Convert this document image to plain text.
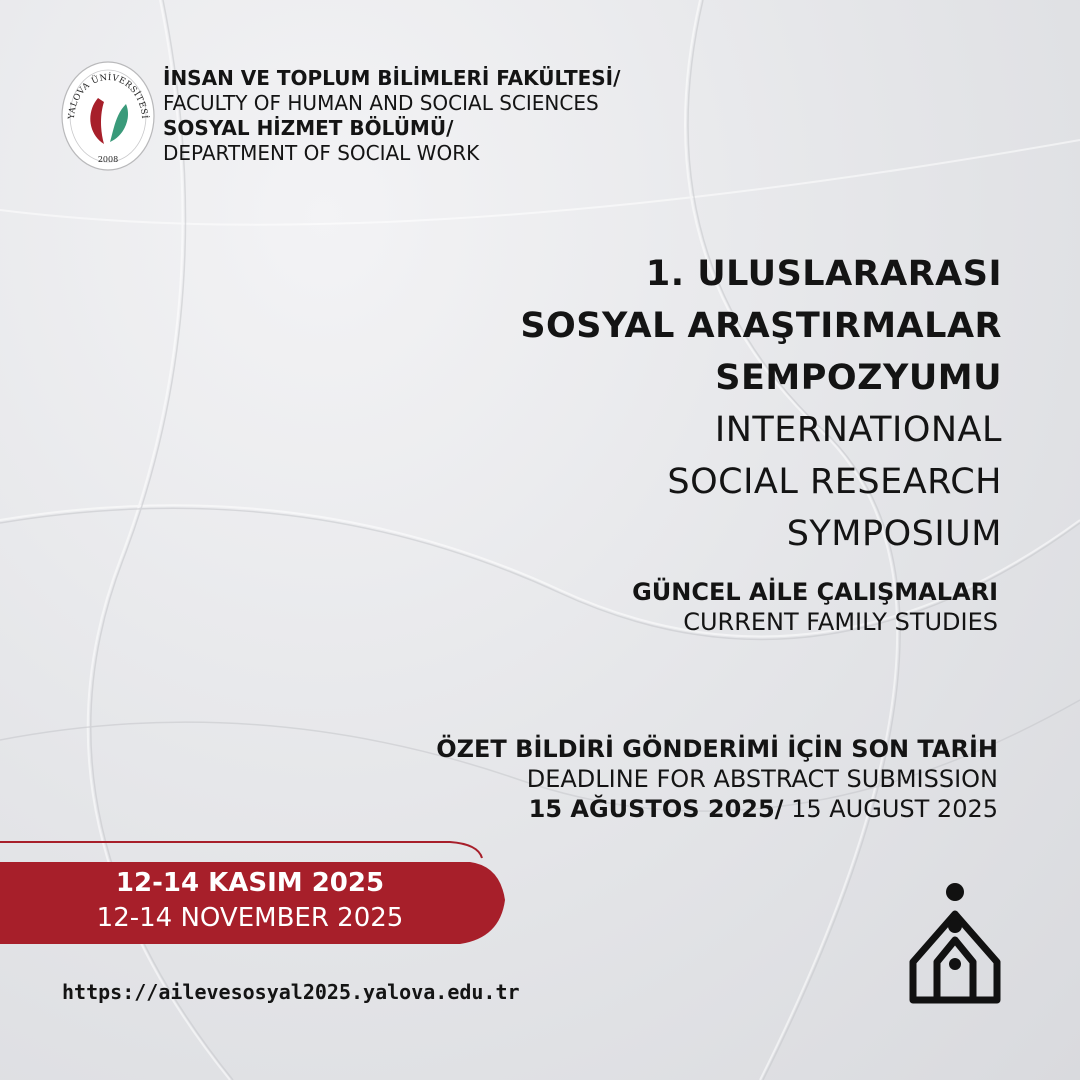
YALOVA ÜNİVERSİTESİ
2008
İNSAN VE TOPLUM BİLİMLERİ FAKÜLTESİ/
FACULTY OF HUMAN AND SOCIAL SCIENCES
SOSYAL HİZMET BÖLÜMÜ/
DEPARTMENT OF SOCIAL WORK
1. ULUSLARARASI
SOSYAL ARAŞTIRMALAR
SEMPOZYUMU
INTERNATIONAL
SOCIAL RESEARCH
SYMPOSIUM
GÜNCEL AİLE ÇALIŞMALARI
CURRENT FAMILY STUDIES
ÖZET BİLDİRİ GÖNDERİMİ İÇİN SON TARİH
DEADLINE FOR ABSTRACT SUBMISSION
15 AĞUSTOS 2025/ 15 AUGUST 2025
12-14 KASIM 2025
12-14 NOVEMBER 2025
https://ailevesosyal2025.yalova.edu.tr
